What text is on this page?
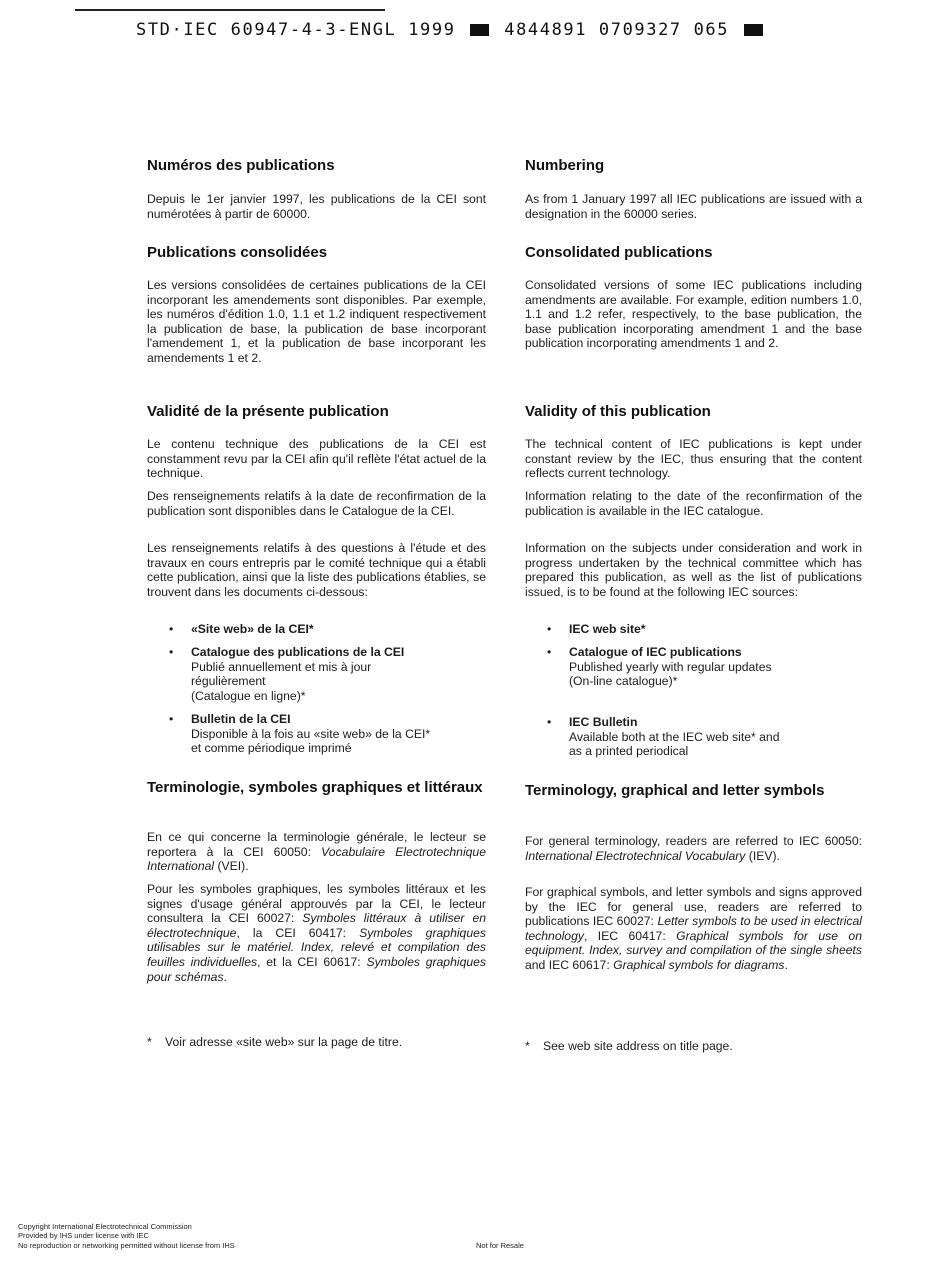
STD·IEC 60947-4-3-ENGL 1999	4844891 0709327 065
Numéros des publications

Depuis le 1er janvier 1997, les publications de la CEI sont numérotées à partir de 60000.

Publications consolidées

Les versions consolidées de certaines publications de la CEI incorporant les amendements sont disponibles. Par exemple, les numéros d'édition 1.0, 1.1 et 1.2 indiquent respectivement la publication de base, la publication de base incorporant l'amendement 1, et la publication de base incorporant les amendements 1 et 2.

Validité de la présente publication

Le contenu technique des publications de la CEI est constamment revu par la CEI afin qu'il reflète l'état actuel de la technique.

Des renseignements relatifs à la date de reconfirmation de la publication sont disponibles dans le Catalogue de la CEI.

Les renseignements relatifs à des questions à l'étude et des travaux en cours entrepris par le comité technique qui a établi cette publication, ainsi que la liste des publications établies, se trouvent dans les documents ci-dessous:

• «Site web» de la CEI*
• Catalogue des publications de la CEI
Publié annuellement et mis à jour
régulièrement
(Catalogue en ligne)*
• Bulletin de la CEI
Disponible à la fois au «site web» de la CEI*
et comme périodique imprimé
Terminologie, symboles graphiques et littéraux

En ce qui concerne la terminologie générale, le lecteur se reportera à la CEI 60050: Vocabulaire Electrotechnique International (VEI).

Pour les symboles graphiques, les symboles littéraux et les signes d'usage général approuvés par la CEI, le lecteur consultera la CEI 60027: Symboles littéraux à utiliser en électrotechnique, la CEI 60417: Symboles graphiques utilisables sur le matériel. Index, relevé et compilation des feuilles individuelles, et la CEI 60617: Symboles graphiques pour schémas.

* Voir adresse «site web» sur la page de titre.
Numbering

As from 1 January 1997 all IEC publications are issued with a designation in the 60000 series.

Consolidated publications

Consolidated versions of some IEC publications including amendments are available. For example, edition numbers 1.0, 1.1 and 1.2 refer, respectively, to the base publication, the base publication incorporating amendment 1 and the base publication incorporating amendments 1 and 2.

Validity of this publication

The technical content of IEC publications is kept under constant review by the IEC, thus ensuring that the content reflects current technology.

Information relating to the date of the reconfirmation of the publication is available in the IEC catalogue.

Information on the subjects under consideration and work in progress undertaken by the technical committee which has prepared this publication, as well as the list of publications issued, is to be found at the following IEC sources:

• IEC web site*
• Catalogue of IEC publications
Published yearly with regular updates
(On-line catalogue)*
• IEC Bulletin
Available both at the IEC web site* and
as a printed periodical
Terminology, graphical and letter symbols

For general terminology, readers are referred to IEC 60050: International Electrotechnical Vocabulary (IEV).

For graphical symbols, and letter symbols and signs approved by the IEC for general use, readers are referred to publications IEC 60027: Letter symbols to be used in electrical technology, IEC 60417: Graphical symbols for use on equipment. Index, survey and compilation of the single sheets and IEC 60617: Graphical symbols for diagrams.

* See web site address on title page.
Copyright International Electrotechnical Commission
Provided by IHS under license with IEC
No reproduction or networking permitted without license from IHS	Not for Resale
